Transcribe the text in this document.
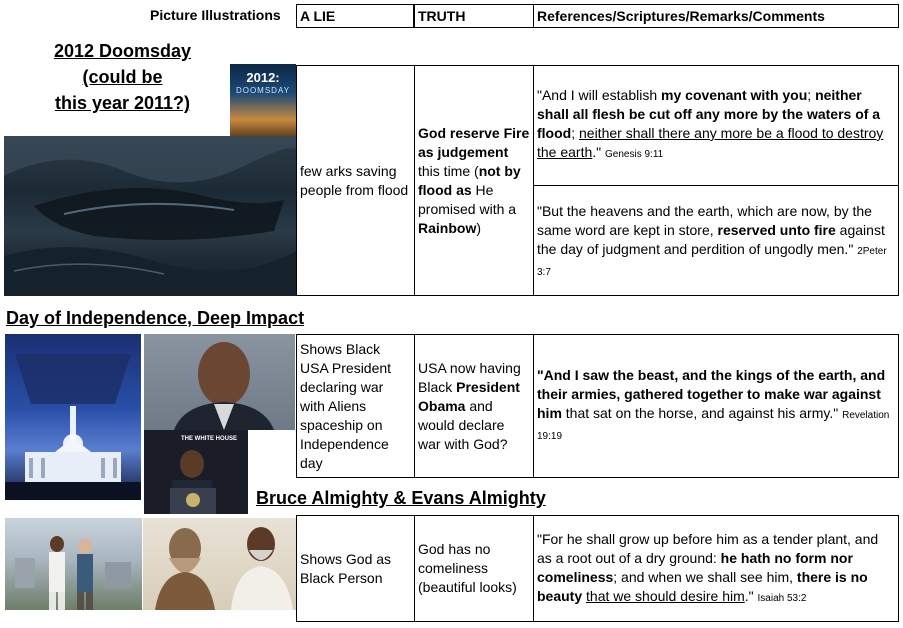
Picture Illustrations A LIE	TRUTH	References/Scriptures/Remarks/Comments
2012 Doomsday
(could be
this year 2011?)
2012:
DOOMSDAY
few arks saving people from flood
God reserve Fire as judgement this time (not by flood as He promised with a Rainbow)
"And I will establish my covenant with you; neither shall all flesh be cut off any more by the waters of a flood; neither shall there any more be a flood to destroy the earth." Genesis 9:11
"But the heavens and the earth, which are now, by the same word are kept in store, reserved unto fire against the day of judgment and perdition of ungodly men." 2Peter 3:7
Day of Independence, Deep Impact
THE WHITE HOUSE
Shows Black USA President declaring war with Aliens spaceship on Independence day
USA now having Black President Obama and would declare war with God?
"And I saw the beast, and the kings of the earth, and their armies, gathered together to make war against him that sat on the horse, and against his army." Revelation 19:19
Bruce Almighty & Evans Almighty
Shows God as Black Person
God has no comeliness (beautiful looks)
"For he shall grow up before him as a tender plant, and as a root out of a dry ground: he hath no form nor comeliness; and when we shall see him, there is no beauty that we should desire him." Isaiah 53:2
